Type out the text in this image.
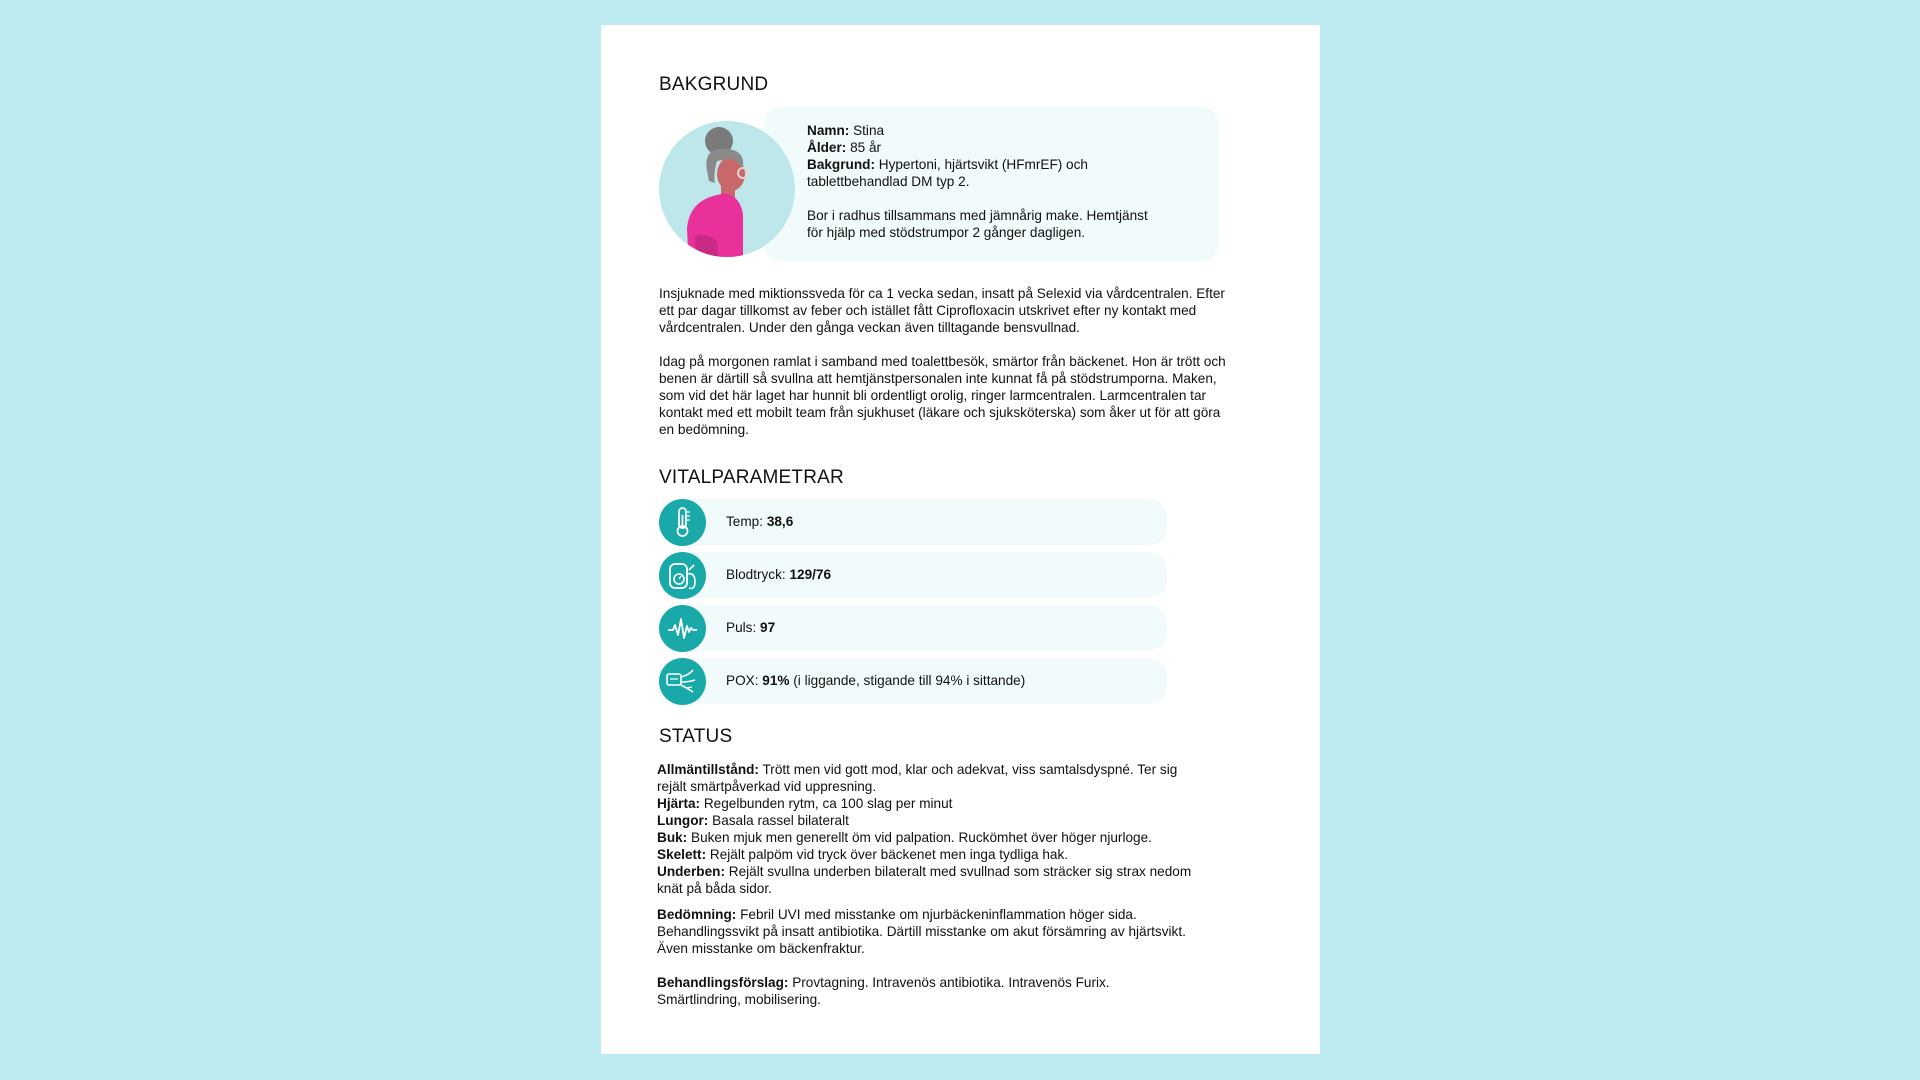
BAKGRUND

Namn: Stina

Ålder: 85 år

Bakgrund: Hypertoni, hjärtsvikt (HFmrEF) och

tablettbehandlad DM typ 2.

Bor i radhus tillsammans med jämnårig make. Hemtjänst

för hjälp med stödstrumpor 2 gånger dagligen.

Insjuknade med miktionssveda för ca 1 vecka sedan, insatt på Selexid via vårdcentralen. Efter
ett par dagar tillkomst av feber och istället fått Ciprofloxacin utskrivet efter ny kontakt med
vårdcentralen. Under den gånga veckan även tilltagande bensvullnad.
Idag på morgonen ramlat i samband med toalettbesök, smärtor från bäckenet. Hon är trött och
benen är därtill så svullna att hemtjänstpersonalen inte kunnat få på stödstrumporna. Maken,
som vid det här laget har hunnit bli ordentligt orolig, ringer larmcentralen. Larmcentralen tar
kontakt med ett mobilt team från sjukhuset (läkare och sjuksköterska) som åker ut för att göra
en bedömning.
VITALPARAMETRAR
Temp: 38,6
Blodtryck: 129/76
Puls: 97
POX: 91% (i liggande, stigande till 94% i sittande)
STATUS

Allmäntillstånd: Trött men vid gott mod, klar och adekvat, viss samtalsdyspné. Ter sig

rejält smärtpåverkad vid uppresning.

Hjärta: Regelbunden rytm, ca 100 slag per minut

Lungor: Basala rassel bilateralt

Buk: Buken mjuk men generellt öm vid palpation. Ruckömhet över höger njurloge.

Skelett: Rejält palpöm vid tryck över bäckenet men inga tydliga hak.

Underben: Rejält svullna underben bilateralt med svullnad som sträcker sig strax nedom

knät på båda sidor.

Bedömning: Febril UVI med misstanke om njurbäckeninflammation höger sida.

Behandlingssvikt på insatt antibiotika. Därtill misstanke om akut försämring av hjärtsvikt.

Även misstanke om bäckenfraktur.

Behandlingsförslag: Provtagning. Intravenös antibiotika. Intravenös Furix.

Smärtlindring, mobilisering.
